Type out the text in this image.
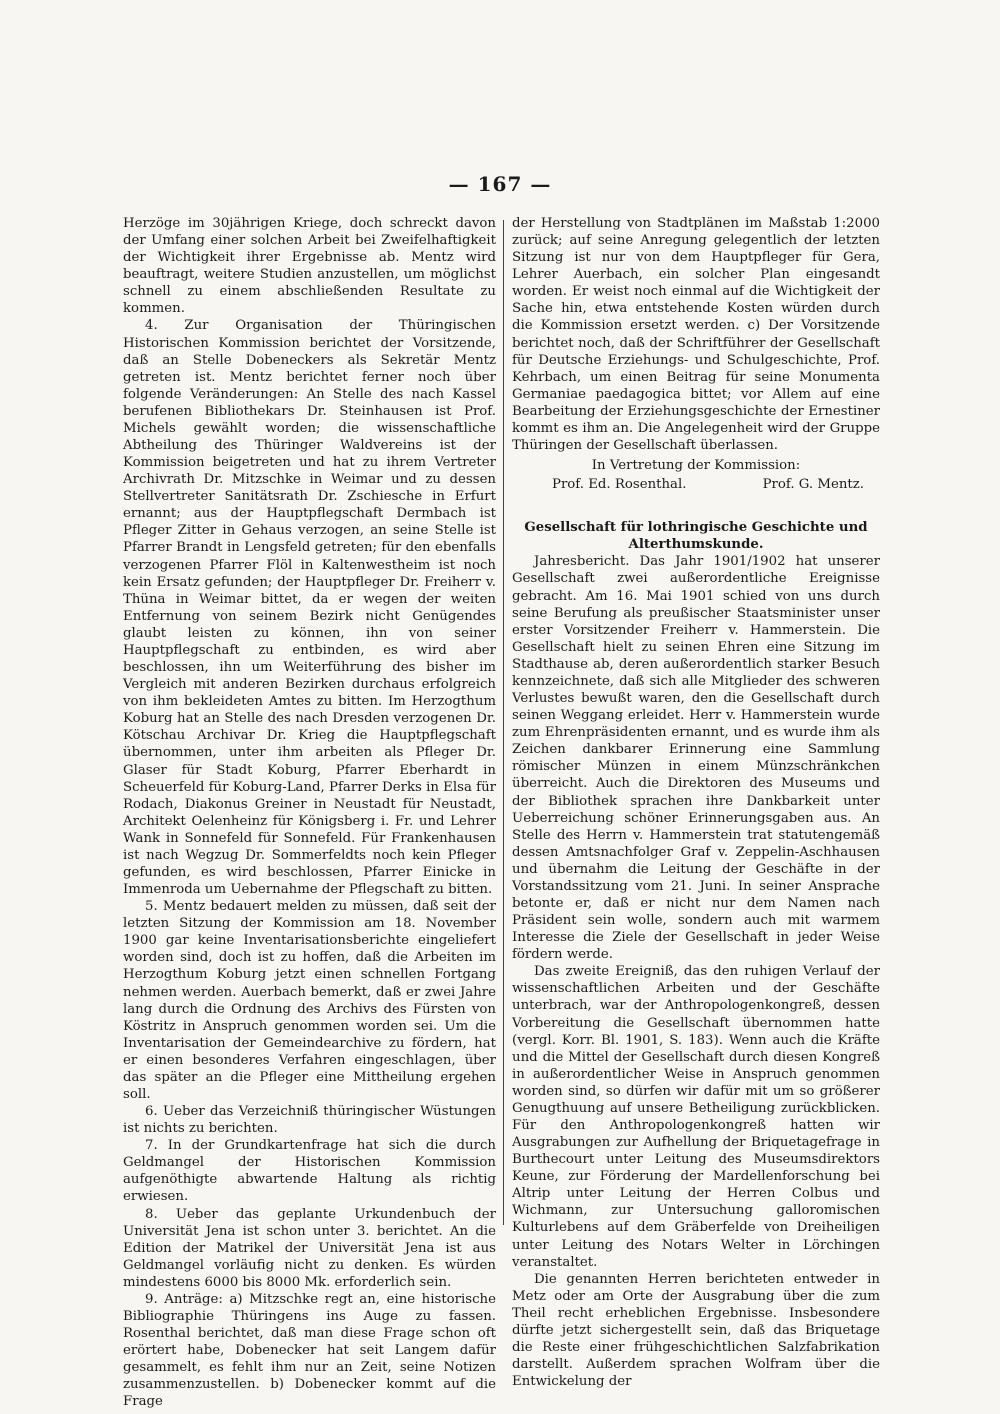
— 167 —

Herzöge im 30jährigen Kriege, doch schreckt davon der Umfang einer solchen Arbeit bei Zweifelhaftigkeit der Wichtigkeit ihrer Ergebnisse ab. Mentz wird beauftragt, weitere Studien anzustellen, um möglichst schnell zu einem abschließenden Resultate zu kommen.

4. Zur Organisation der Thüringischen Historischen Kommission berichtet der Vorsitzende, daß an Stelle Dobeneckers als Sekretär Mentz getreten ist. Mentz berichtet ferner noch über folgende Veränderungen: An Stelle des nach Kassel berufenen Bibliothekars Dr. Steinhausen ist Prof. Michels gewählt worden; die wissenschaftliche Abtheilung des Thüringer Waldvereins ist der Kommission beigetreten und hat zu ihrem Vertreter Archivrath Dr. Mitzschke in Weimar und zu dessen Stellvertreter Sanitätsrath Dr. Zschiesche in Erfurt ernannt; aus der Hauptpflegschaft Dermbach ist Pfleger Zitter in Gehaus verzogen, an seine Stelle ist Pfarrer Brandt in Lengsfeld getreten; für den ebenfalls verzogenen Pfarrer Flöl in Kaltenwestheim ist noch kein Ersatz gefunden; der Hauptpfleger Dr. Freiherr v. Thüna in Weimar bittet, da er wegen der weiten Entfernung von seinem Bezirk nicht Genügendes glaubt leisten zu können, ihn von seiner Hauptpflegschaft zu entbinden, es wird aber beschlossen, ihn um Weiterführung des bisher im Vergleich mit anderen Bezirken durchaus erfolgreich von ihm bekleideten Amtes zu bitten. Im Herzogthum Koburg hat an Stelle des nach Dresden verzogenen Dr. Kötschau Archivar Dr. Krieg die Hauptpflegschaft übernommen, unter ihm arbeiten als Pfleger Dr. Glaser für Stadt Koburg, Pfarrer Eberhardt in Scheuerfeld für Koburg-Land, Pfarrer Derks in Elsa für Rodach, Diakonus Greiner in Neustadt für Neustadt, Architekt Oelenheinz für Königsberg i. Fr. und Lehrer Wank in Sonnefeld für Sonnefeld. Für Frankenhausen ist nach Wegzug Dr. Sommerfeldts noch kein Pfleger gefunden, es wird beschlossen, Pfarrer Einicke in Immenroda um Uebernahme der Pflegschaft zu bitten.

5. Mentz bedauert melden zu müssen, daß seit der letzten Sitzung der Kommission am 18. November 1900 gar keine Inventarisationsberichte eingeliefert worden sind, doch ist zu hoffen, daß die Arbeiten im Herzogthum Koburg jetzt einen schnellen Fortgang nehmen werden. Auerbach bemerkt, daß er zwei Jahre lang durch die Ordnung des Archivs des Fürsten von Köstritz in Anspruch genommen worden sei. Um die Inventarisation der Gemeindearchive zu fördern, hat er einen besonderes Verfahren eingeschlagen, über das später an die Pfleger eine Mittheilung ergehen soll.

6. Ueber das Verzeichniß thüringischer Wüstungen ist nichts zu berichten.

7. In der Grundkartenfrage hat sich die durch Geldmangel der Historischen Kommission aufgenöthigte abwartende Haltung als richtig erwiesen.

8. Ueber das geplante Urkundenbuch der Universität Jena ist schon unter 3. berichtet. An die Edition der Matrikel der Universität Jena ist aus Geldmangel vorläufig nicht zu denken. Es würden mindestens 6000 bis 8000 Mk. erforderlich sein.

9. Anträge: a) Mitzschke regt an, eine historische Bibliographie Thüringens ins Auge zu fassen. Rosenthal berichtet, daß man diese Frage schon oft erörtert habe, Dobenecker hat seit Langem dafür gesammelt, es fehlt ihm nur an Zeit, seine Notizen zusammenzustellen. b) Dobenecker kommt auf die Frage

der Herstellung von Stadtplänen im Maßstab 1:2000 zurück; auf seine Anregung gelegentlich der letzten Sitzung ist nur von dem Hauptpfleger für Gera, Lehrer Auerbach, ein solcher Plan eingesandt worden. Er weist noch einmal auf die Wichtigkeit der Sache hin, etwa entstehende Kosten würden durch die Kommission ersetzt werden. c) Der Vorsitzende berichtet noch, daß der Schriftführer der Gesellschaft für Deutsche Erziehungs- und Schulgeschichte, Prof. Kehrbach, um einen Beitrag für seine Monumenta Germaniae paedagogica bittet; vor Allem auf eine Bearbeitung der Erziehungsgeschichte der Ernestiner kommt es ihm an. Die Angelegenheit wird der Gruppe Thüringen der Gesellschaft überlassen.

In Vertretung der Kommission:

Prof. Ed. Rosenthal.	Prof. G. Mentz.

Gesellschaft für lothringische Geschichte und Alterthumskunde.

Jahresbericht. Das Jahr 1901/1902 hat unserer Gesellschaft zwei außerordentliche Ereignisse gebracht. Am 16. Mai 1901 schied von uns durch seine Berufung als preußischer Staatsminister unser erster Vorsitzender Freiherr v. Hammerstein. Die Gesellschaft hielt zu seinen Ehren eine Sitzung im Stadthause ab, deren außerordentlich starker Besuch kennzeichnete, daß sich alle Mitglieder des schweren Verlustes bewußt waren, den die Gesellschaft durch seinen Weggang erleidet. Herr v. Hammerstein wurde zum Ehrenpräsidenten ernannt, und es wurde ihm als Zeichen dankbarer Erinnerung eine Sammlung römischer Münzen in einem Münzschränkchen überreicht. Auch die Direktoren des Museums und der Bibliothek sprachen ihre Dankbarkeit unter Ueberreichung schöner Erinnerungsgaben aus. An Stelle des Herrn v. Hammerstein trat statutengemäß dessen Amtsnachfolger Graf v. Zeppelin-Aschhausen und übernahm die Leitung der Geschäfte in der Vorstandssitzung vom 21. Juni. In seiner Ansprache betonte er, daß er nicht nur dem Namen nach Präsident sein wolle, sondern auch mit warmem Interesse die Ziele der Gesellschaft in jeder Weise fördern werde.

Das zweite Ereigniß, das den ruhigen Verlauf der wissenschaftlichen Arbeiten und der Geschäfte unterbrach, war der Anthropologenkongreß, dessen Vorbereitung die Gesellschaft übernommen hatte (vergl. Korr. Bl. 1901, S. 183). Wenn auch die Kräfte und die Mittel der Gesellschaft durch diesen Kongreß in außerordentlicher Weise in Anspruch genommen worden sind, so dürfen wir dafür mit um so größerer Genugthuung auf unsere Betheiligung zurückblicken. Für den Anthropologenkongreß hatten wir Ausgrabungen zur Aufhellung der Briquetagefrage in Burthecourt unter Leitung des Museumsdirektors Keune, zur Förderung der Mardellenforschung bei Altrip unter Leitung der Herren Colbus und Wichmann, zur Untersuchung galloromischen Kulturlebens auf dem Gräberfelde von Dreiheiligen unter Leitung des Notars Welter in Lörchingen veranstaltet.

Die genannten Herren berichteten entweder in Metz oder am Orte der Ausgrabung über die zum Theil recht erheblichen Ergebnisse. Insbesondere dürfte jetzt sichergestellt sein, daß das Briquetage die Reste einer frühgeschichtlichen Salzfabrikation darstellt. Außerdem sprachen Wolfram über die Entwickelung der
